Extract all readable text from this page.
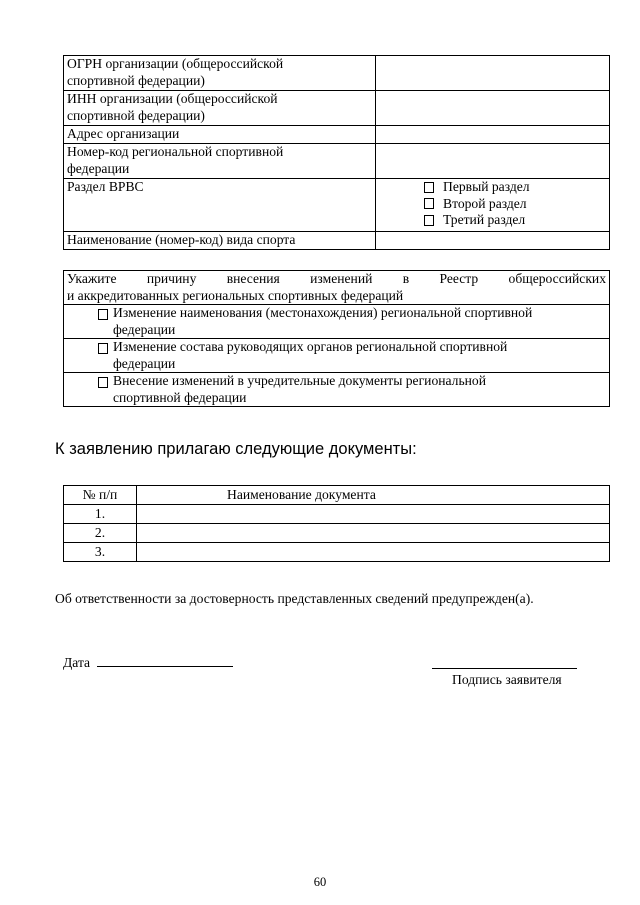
ОГРН организации (общероссийской
спортивной федерации)	
ИНН организации (общероссийской
спортивной федерации)	
Адрес организации	
Номер-код региональной спортивной
федерации	
Раздел ВРВС	Первый раздел
Второй раздел
Третий раздел

Наименование (номер-код) вида спорта	
Укажите причину внесения изменений в Реестр общероссийских
и аккредитованных региональных спортивных федераций

Изменение наименования (местонахождения) региональной спортивной
федерации

Изменение состава руководящих органов региональной спортивной
федерации

Внесение изменений в учредительные документы региональной
спортивной федерации
К заявлению прилагаю следующие документы:
№ п/п	Наименование документа
1.	
2.	
3.	
Об ответственности за достоверность представленных сведений предупрежден(а).
Дата
Подпись заявителя
60
